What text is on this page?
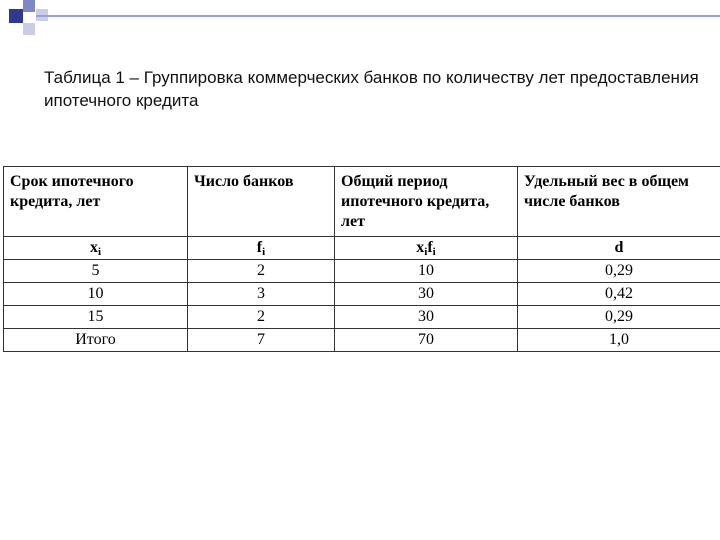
Таблица 1 – Группировка коммерческих банков по количеству лет предоставления ипотечного кредита
Срок ипотечного кредита, лет	Число банков	Общий период ипотечного кредита, лет	Удельный вес в общем числе банков
$x_i$	$f_i$	$x_if_i$	d
5	2	10	0,29
10	3	30	0,42
15	2	30	0,29
Итого	7	70	1,0
